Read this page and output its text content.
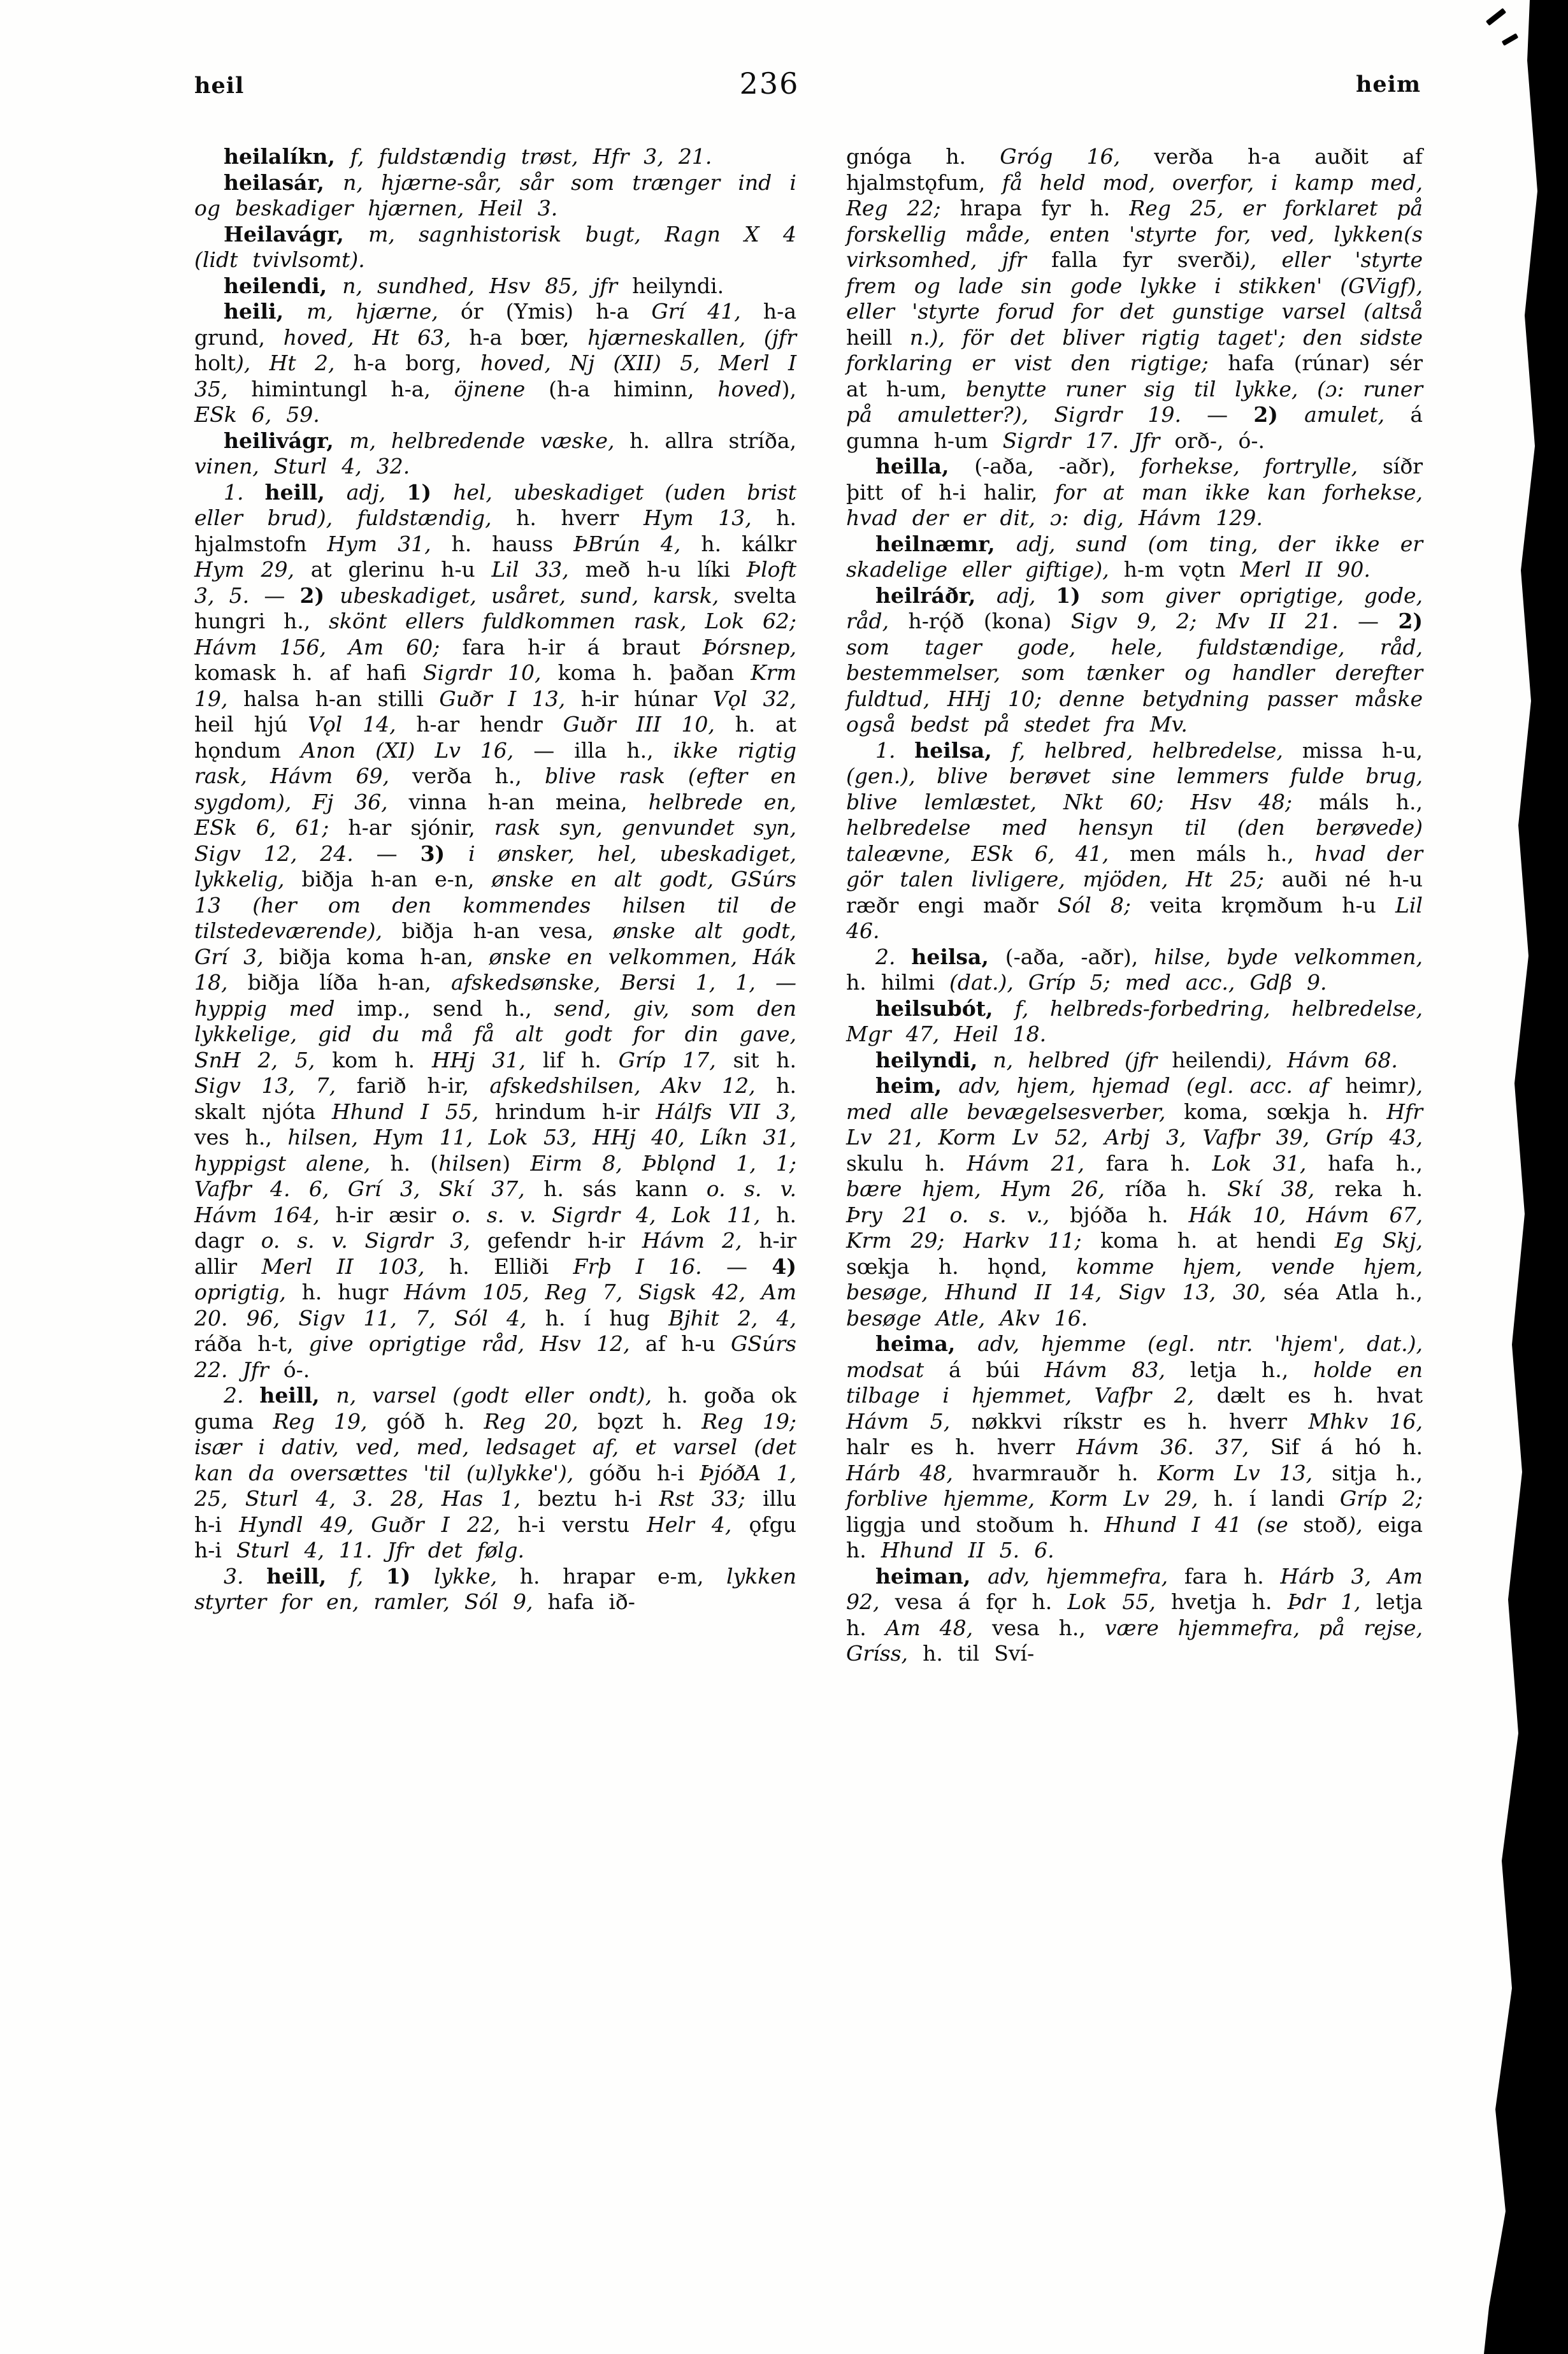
heil	236	heim

heilalíkn, f, fuldstændig trøst, Hfr 3, 21.

heilasár, n, hjærne-sår, sår som trænger ind i og beskadiger hjærnen, Heil 3.

Heilavágr, m, sagnhistorisk bugt, Ragn X 4 (lidt tvivlsomt).

heilendi, n, sundhed, Hsv 85, jfr heilyndi.

heili, m, hjærne, ór (Ymis) h-a Grí 41, h-a grund, hoved, Ht 63, h-a bœr, hjærneskallen, (jfr holt), Ht 2, h-a borg, hoved, Nj (XII) 5, Merl I 35, himintungl h-a, öjnene (h-a himinn, hoved), ESk 6, 59.

heilivágr, m, helbredende væske, h. allra stríða, vinen, Sturl 4, 32.

1. heill, adj, 1) hel, ubeskadiget (uden brist eller brud), fuldstændig, h. hverr Hym 13, h. hjalmstofn Hym 31, h. hauss ÞBrún 4, h. kálkr Hym 29, at glerinu h-u Lil 33, með h-u líki Þloft 3, 5. — 2) ubeskadiget, usåret, sund, karsk, svelta hungri h., skönt ellers fuldkommen rask, Lok 62; Hávm 156, Am 60; fara h-ir á braut Þórsnep, komask h. af hafi Sigrdr 10, koma h. þaðan Krm 19, halsa h-an stilli Guðr I 13, h-ir húnar Vǫl 32, heil hjú Vǫl 14, h-ar hendr Guðr III 10, h. at hǫndum Anon (XI) Lv 16, — illa h., ikke rigtig rask, Hávm 69, verða h., blive rask (efter en sygdom), Fj 36, vinna h-an meina, helbrede en, ESk 6, 61; h-ar sjónir, rask syn, genvundet syn, Sigv 12, 24. — 3) i ønsker, hel, ubeskadiget, lykkelig, biðja h-an e-n, ønske en alt godt, GSúrs 13 (her om den kommendes hilsen til de tilstedeværende), biðja h-an vesa, ønske alt godt, Grí 3, biðja koma h-an, ønske en velkommen, Hák 18, biðja líða h-an, afskedsønske, Bersi 1, 1, — hyppig med imp., send h., send, giv, som den lykkelige, gid du må få alt godt for din gave, SnH 2, 5, kom h. HHj 31, lif h. Gríp 17, sit h. Sigv 13, 7, farið h-ir, afskedshilsen, Akv 12, h. skalt njóta Hhund I 55, hrindum h-ir Hálfs VII 3, ves h., hilsen, Hym 11, Lok 53, HHj 40, Líkn 31, hyppigst alene, h. (hilsen) Eirm 8, Þblǫnd 1, 1; Vafþr 4. 6, Grí 3, Skí 37, h. sás kann o. s. v. Hávm 164, h-ir æsir o. s. v. Sigrdr 4, Lok 11, h. dagr o. s. v. Sigrdr 3, gefendr h-ir Hávm 2, h-ir allir Merl II 103, h. Elliði Frþ I 16. — 4) oprigtig, h. hugr Hávm 105, Reg 7, Sigsk 42, Am 20. 96, Sigv 11, 7, Sól 4, h. í hug Bjhit 2, 4, ráða h-t, give oprigtige råd, Hsv 12, af h-u GSúrs 22. Jfr ó-.

2. heill, n, varsel (godt eller ondt), h. goða ok guma Reg 19, góð h. Reg 20, bǫzt h. Reg 19; især i dativ, ved, med, ledsaget af, et varsel (det kan da oversættes 'til (u)lykke'), góðu h-i ÞjóðA 1, 25, Sturl 4, 3. 28, Has 1, beztu h-i Rst 33; illu h-i Hyndl 49, Guðr I 22, h-i verstu Helr 4, ǫfgu h-i Sturl 4, 11. Jfr det følg.

3. heill, f, 1) lykke, h. hrapar e-m, lykken styrter for en, ramler, Sól 9, hafa ið-

gnóga h. Gróg 16, verða h-a auðit af hjalmstǫfum, få held mod, overfor, i kamp med, Reg 22; hrapa fyr h. Reg 25, er forklaret på forskellig måde, enten 'styrte for, ved, lykken(s virksomhed, jfr falla fyr sverði), eller 'styrte frem og lade sin gode lykke i stikken' (GVigf), eller 'styrte forud for det gunstige varsel (altså heill n.), för det bliver rigtig taget'; den sidste forklaring er vist den rigtige; hafa (rúnar) sér at h-um, benytte runer sig til lykke, (ɔ: runer på amuletter?), Sigrdr 19. — 2) amulet, á gumna h-um Sigrdr 17. Jfr orð-, ó-.

heilla, (-aða, -aðr), forhekse, fortrylle, síðr þitt of h-i halir, for at man ikke kan forhekse, hvad der er dit, ɔ: dig, Hávm 129.

heilnæmr, adj, sund (om ting, der ikke er skadelige eller giftige), h-m vǫtn Merl II 90.

heilráðr, adj, 1) som giver oprigtige, gode, råd, h-rǫ́ð (kona) Sigv 9, 2; Mv II 21. — 2) som tager gode, hele, fuldstændige, råd, bestemmelser, som tænker og handler derefter fuldtud, HHj 10; denne betydning passer måske også bedst på stedet fra Mv.

1. heilsa, f, helbred, helbredelse, missa h-u, (gen.), blive berøvet sine lemmers fulde brug, blive lemlæstet, Nkt 60; Hsv 48; máls h., helbredelse med hensyn til (den berøvede) taleævne, ESk 6, 41, men máls h., hvad der gör talen livligere, mjöden, Ht 25; auði né h-u ræðr engi maðr Sól 8; veita krǫmðum h-u Lil 46.

2. heilsa, (-aða, -aðr), hilse, byde velkommen, h. hilmi (dat.), Gríp 5; med acc., Gdβ 9.

heilsubót, f, helbreds-forbedring, helbredelse, Mgr 47, Heil 18.

heilyndi, n, helbred (jfr heilendi), Hávm 68.

heim, adv, hjem, hjemad (egl. acc. af heimr), med alle bevægelsesverber, koma, sœkja h. Hfr Lv 21, Korm Lv 52, Arbj 3, Vafþr 39, Gríp 43, skulu h. Hávm 21, fara h. Lok 31, hafa h., bære hjem, Hym 26, ríða h. Skí 38, reka h. Þry 21 o. s. v., bjóða h. Hák 10, Hávm 67, Krm 29; Harkv 11; koma h. at hendi Eg Skj, sœkja h. hǫnd, komme hjem, vende hjem, besøge, Hhund II 14, Sigv 13, 30, séa Atla h., besøge Atle, Akv 16.

heima, adv, hjemme (egl. ntr. 'hjem', dat.), modsat á búi Hávm 83, letja h., holde en tilbage i hjemmet, Vafþr 2, dælt es h. hvat Hávm 5, nøkkvi ríkstr es h. hverr Mhkv 16, halr es h. hverr Hávm 36. 37, Sif á hó h. Hárb 48, hvarmrauðr h. Korm Lv 13, sitja h., forblive hjemme, Korm Lv 29, h. í landi Gríp 2; liggja und stoðum h. Hhund I 41 (se stoð), eiga h. Hhund II 5. 6.

heiman, adv, hjemmefra, fara h. Hárb 3, Am 92, vesa á fǫr h. Lok 55, hvetja h. Þdr 1, letja h. Am 48, vesa h., være hjemmefra, på rejse, Gríss, h. til Sví-
